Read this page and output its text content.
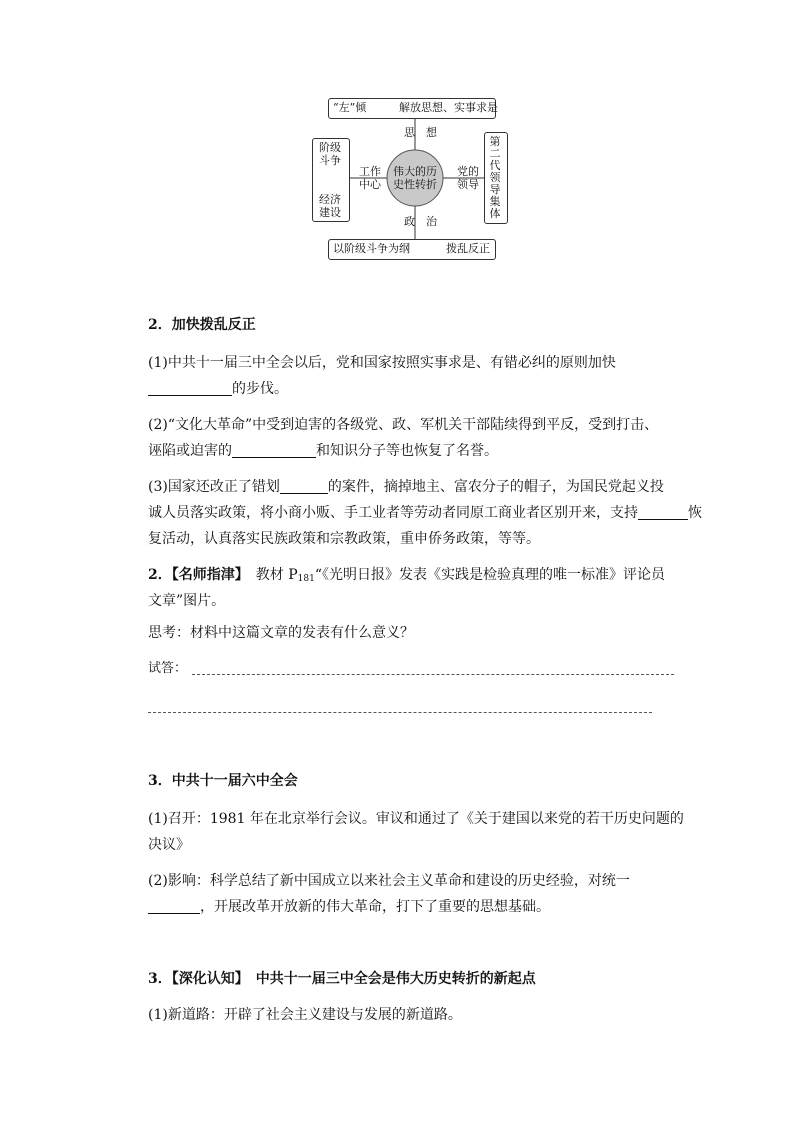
“左”倾	解放思想、实事求是
以阶级斗争为纲	拨乱反正
阶级斗争
经济建设
第二代领导集体
伟大的历史性转折
思　想
政　治
工作中心
党的领导
2．加快拨乱反正
(1)中共十一届三中全会以后，党和国家按照实事求是、有错必纠的原则加快
的步伐。
(2)“文化大革命”中受到迫害的各级党、政、军机关干部陆续得到平反，受到打击、
诬陷或迫害的	和知识分子等也恢复了名誉。
(3)国家还改正了错划	的案件，摘掉地主、富农分子的帽子，为国民党起义投
诚人员落实政策，将小商小贩、手工业者等劳动者同原工商业者区别开来，支持	恢
复活动，认真落实民族政策和宗教政策，重申侨务政策，等等。
2．【名师指津】　教材 $P_{181}“$《光明日报》发表《实践是检验真理的唯一标准》评论员
文章”图片。
思考：材料中这篇文章的发表有什么意义？
试答：
3．中共十一届六中全会
(1)召开：1981 年在北京举行会议。审议和通过了《关于建国以来党的若干历史问题的
决议》
(2)影响：科学总结了新中国成立以来社会主义革命和建设的历史经验，对统一
，开展改革开放新的伟大革命，打下了重要的思想基础。
3．【深化认知】　中共十一届三中全会是伟大历史转折的新起点
(1)新道路：开辟了社会主义建设与发展的新道路。
